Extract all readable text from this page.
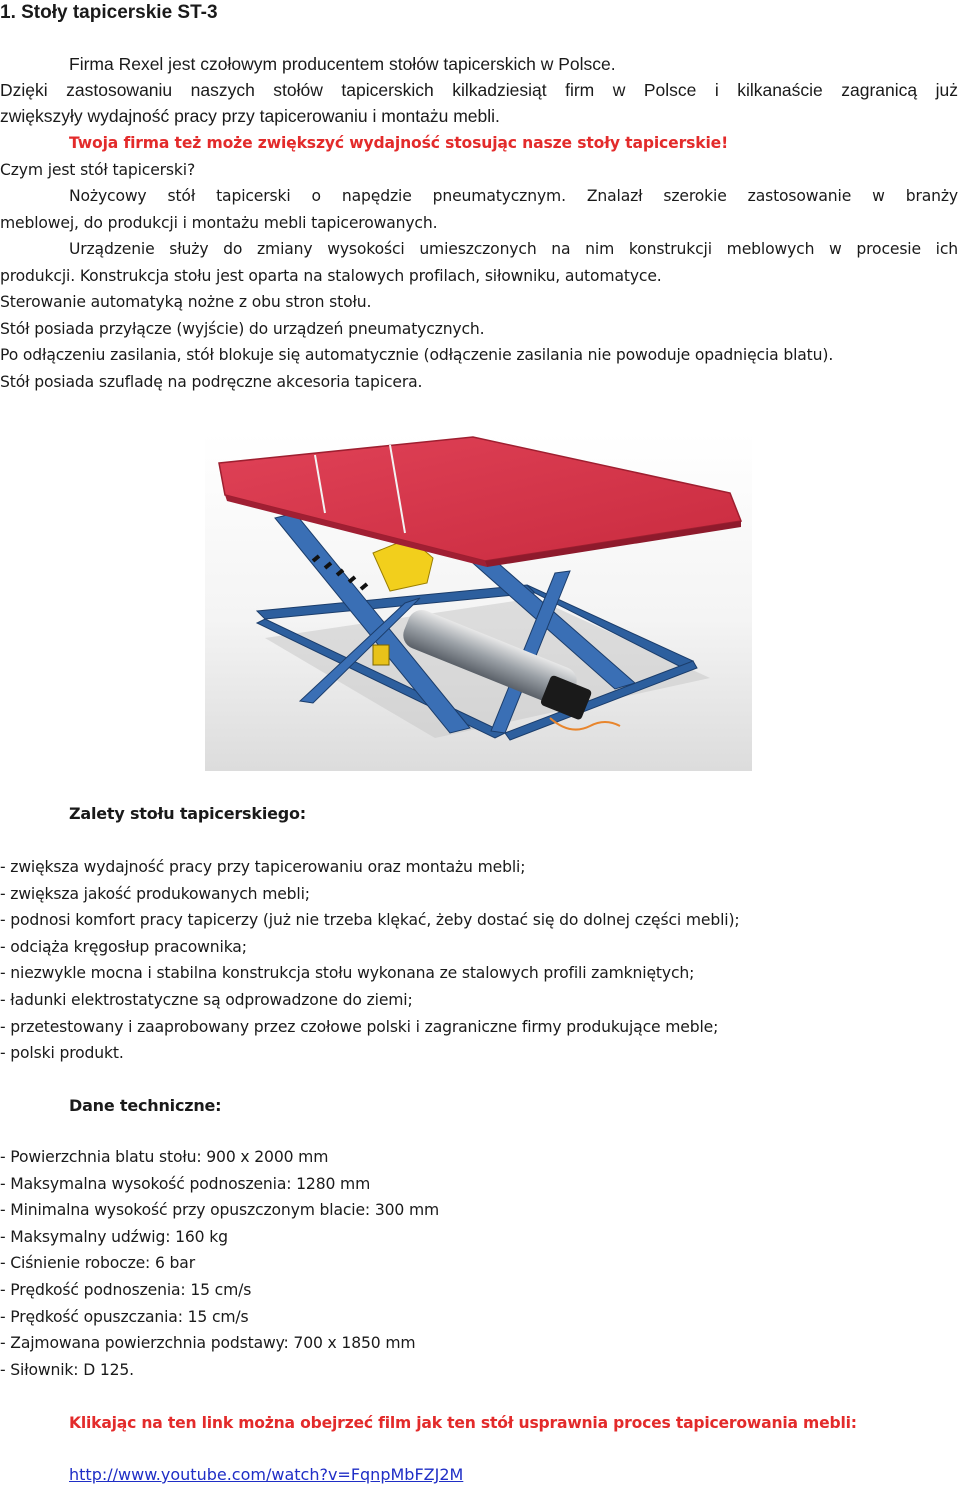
1. Stoły tapicerskie ST-3

Firma Rexel jest czołowym producentem stołów tapicerskich w Polsce.

Dzięki zastosowaniu naszych stołów tapicerskich kilkadziesiąt firm w Polsce i kilkanaście zagranicą już

zwiększyły wydajność pracy przy tapicerowaniu i montażu mebli.

Twoja firma też może zwiększyć wydajność stosując nasze stoły tapicerskie!

Czym jest stół tapicerski?

Nożycowy stół tapicerski o napędzie pneumatycznym. Znalazł szerokie zastosowanie w branży

meblowej, do produkcji i montażu mebli tapicerowanych.

Urządzenie służy do zmiany wysokości umieszczonych na nim konstrukcji meblowych w procesie ich

produkcji. Konstrukcja stołu jest oparta na stalowych profilach, siłowniku, automatyce.

Sterowanie automatyką nożne z obu stron stołu.

Stół posiada przyłącze (wyjście) do urządzeń pneumatycznych.

Po odłączeniu zasilania, stół blokuje się automatycznie (odłączenie zasilania nie powoduje opadnięcia blatu).

Stół posiada szufladę na podręczne akcesoria tapicera.

Zalety stołu tapicerskiego:
- zwiększa wydajność pracy przy tapicerowaniu oraz montażu mebli;
- zwiększa jakość produkowanych mebli;
- podnosi komfort pracy tapicerzy (już nie trzeba klękać, żeby dostać się do dolnej części mebli);
- odciąża kręgosłup pracownika;
- niezwykle mocna i stabilna konstrukcja stołu wykonana ze stalowych profili zamkniętych;
- ładunki elektrostatyczne są odprowadzone do ziemi;
- przetestowany i zaaprobowany przez czołowe polski i zagraniczne firmy produkujące meble;
- polski produkt.
Dane techniczne:
- Powierzchnia blatu stołu: 900 x 2000 mm
- Maksymalna wysokość podnoszenia: 1280 mm
- Minimalna wysokość przy opuszczonym blacie: 300 mm
- Maksymalny udźwig: 160 kg
- Ciśnienie robocze: 6 bar
- Prędkość podnoszenia: 15 cm/s
- Prędkość opuszczania: 15 cm/s
- Zajmowana powierzchnia podstawy: 700 x 1850 mm
- Siłownik: D 125.
Klikając na ten link można obejrzeć film jak ten stół usprawnia proces tapicerowania mebli:
http://www.youtube.com/watch?v=FqnpMbFZJ2M
